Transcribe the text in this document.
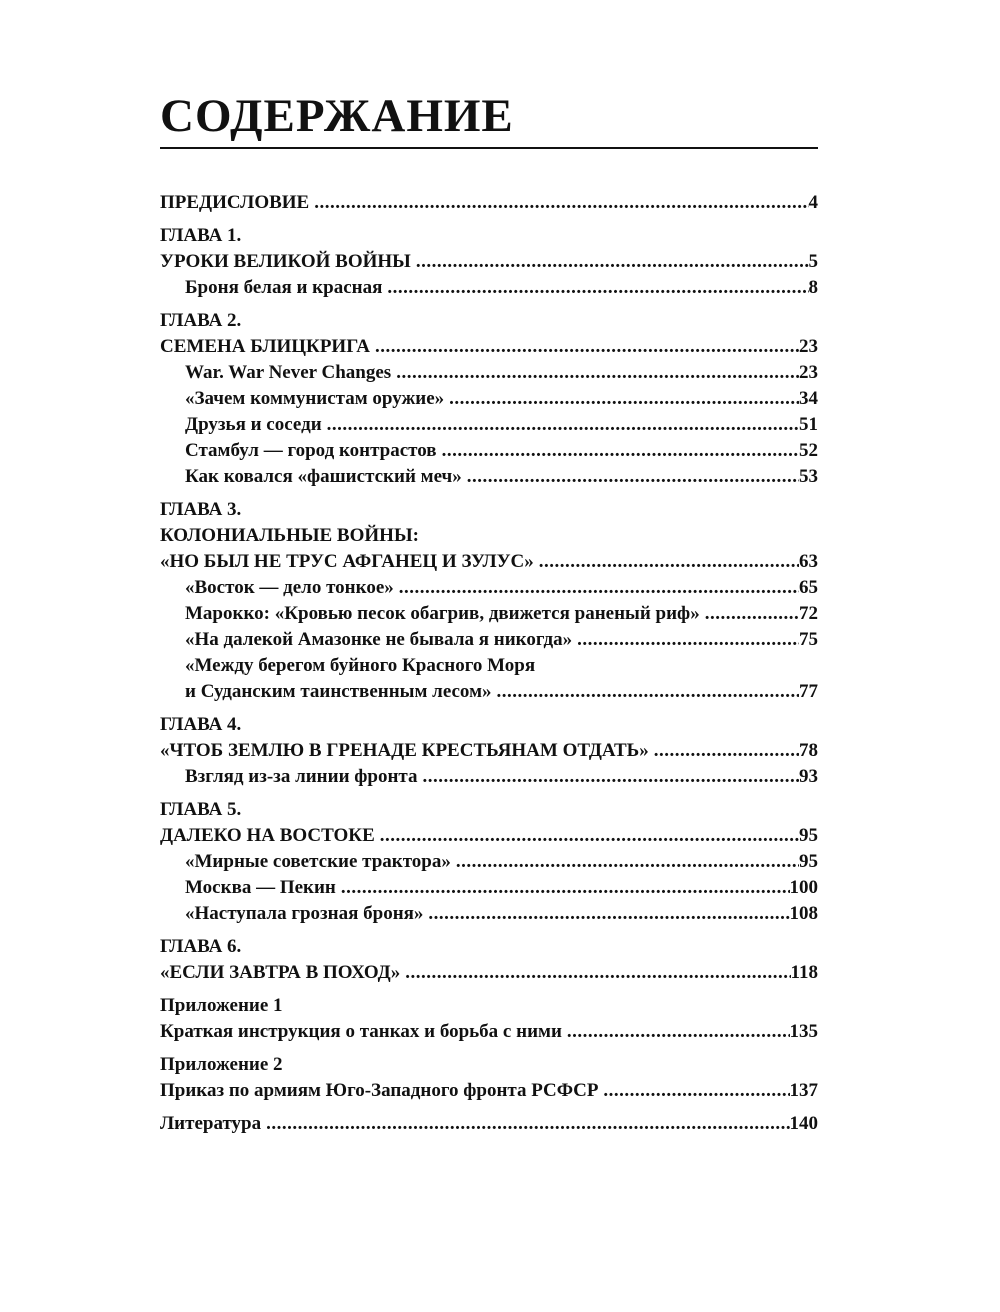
СОДЕРЖАНИЕ
ПРЕДИСЛОВИЕ .....	4
ГЛАВА 1.
УРОКИ ВЕЛИКОЙ ВОЙНЫ .....	5
Броня белая и красная .....	8
ГЛАВА 2.
СЕМЕНА БЛИЦКРИГА .....	23
War. War Never Changes .....	23
«Зачем коммунистам оружие» .....	34
Друзья и соседи .....	51
Стамбул — город контрастов .....	52
Как ковался «фашистский меч» .....	53
ГЛАВА 3.
КОЛОНИАЛЬНЫЕ ВОЙНЫ:
«НО БЫЛ НЕ ТРУС АФГАНЕЦ И ЗУЛУС» .....	63
«Восток — дело тонкое» .....	65
Марокко: «Кровью песок обагрив, движется раненый риф» .....	72
«На далекой Амазонке не бывала я никогда» .....	75
«Между берегом буйного Красного Моря
и Суданским таинственным лесом» .....	77
ГЛАВА 4.
«ЧТОБ ЗЕМЛЮ В ГРЕНАДЕ КРЕСТЬЯНАМ ОТДАТЬ» .....	78
Взгляд из-за линии фронта .....	93
ГЛАВА 5.
ДАЛЕКО НА ВОСТОКЕ .....	95
«Мирные советские трактора» .....	95
Москва — Пекин .....	100
«Наступала грозная броня» .....	108
ГЛАВА 6.
«ЕСЛИ ЗАВТРА В ПОХОД» .....	118
Приложение 1
Краткая инструкция о танках и борьба с ними .....	135
Приложение 2
Приказ по армиям Юго-Западного фронта РСФСР .....	137
Литература .....	140
